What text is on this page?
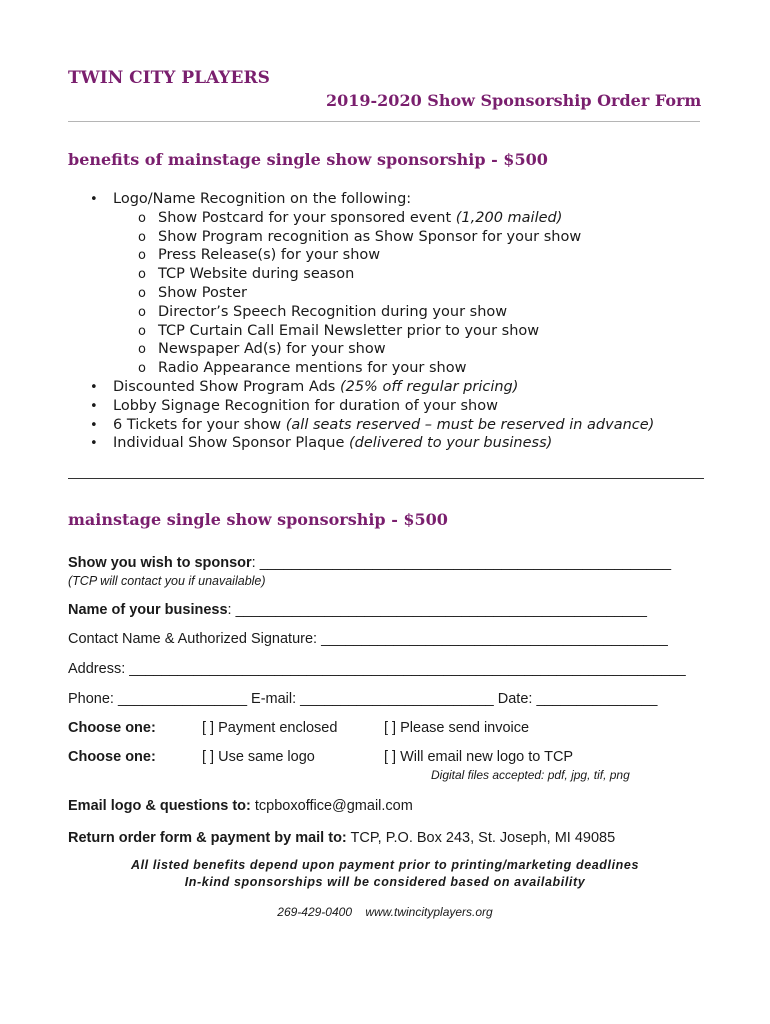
TWIN CITY PLAYERS
2019-2020 Show Sponsorship Order Form
benefits of mainstage single show sponsorship - $500
• Logo/Name Recognition on the following:
o Show Postcard for your sponsored event (1,200 mailed)
o Show Program recognition as Show Sponsor for your show
o Press Release(s) for your show
o TCP Website during season
o Show Poster
o Director’s Speech Recognition during your show
o TCP Curtain Call Email Newsletter prior to your show
o Newspaper Ad(s) for your show
o Radio Appearance mentions for your show
• Discounted Show Program Ads (25% off regular pricing)
• Lobby Signage Recognition for duration of your show
• 6 Tickets for your show (all seats reserved – must be reserved in advance)
• Individual Show Sponsor Plaque (delivered to your business)
mainstage single show sponsorship - $500
Show you wish to sponsor: ___________________________________________________
(TCP will contact you if unavailable)
Name of your business: ___________________________________________________
Contact Name & Authorized Signature: ___________________________________________
Address: _____________________________________________________________________
Phone: ________________ E-mail: ________________________ Date: _______________
Choose one:	[ ] Payment enclosed	[ ] Please send invoice
Choose one:	[ ] Use same logo	[ ] Will email new logo to TCP
Digital files accepted: pdf, jpg, tif, png
Email logo & questions to: tcpboxoffice@gmail.com
Return order form & payment by mail to: TCP, P.O. Box 243, St. Joseph, MI 49085
All listed benefits depend upon payment prior to printing/marketing deadlines
In-kind sponsorships will be considered based on availability
269-429-0400 www.twincityplayers.org
